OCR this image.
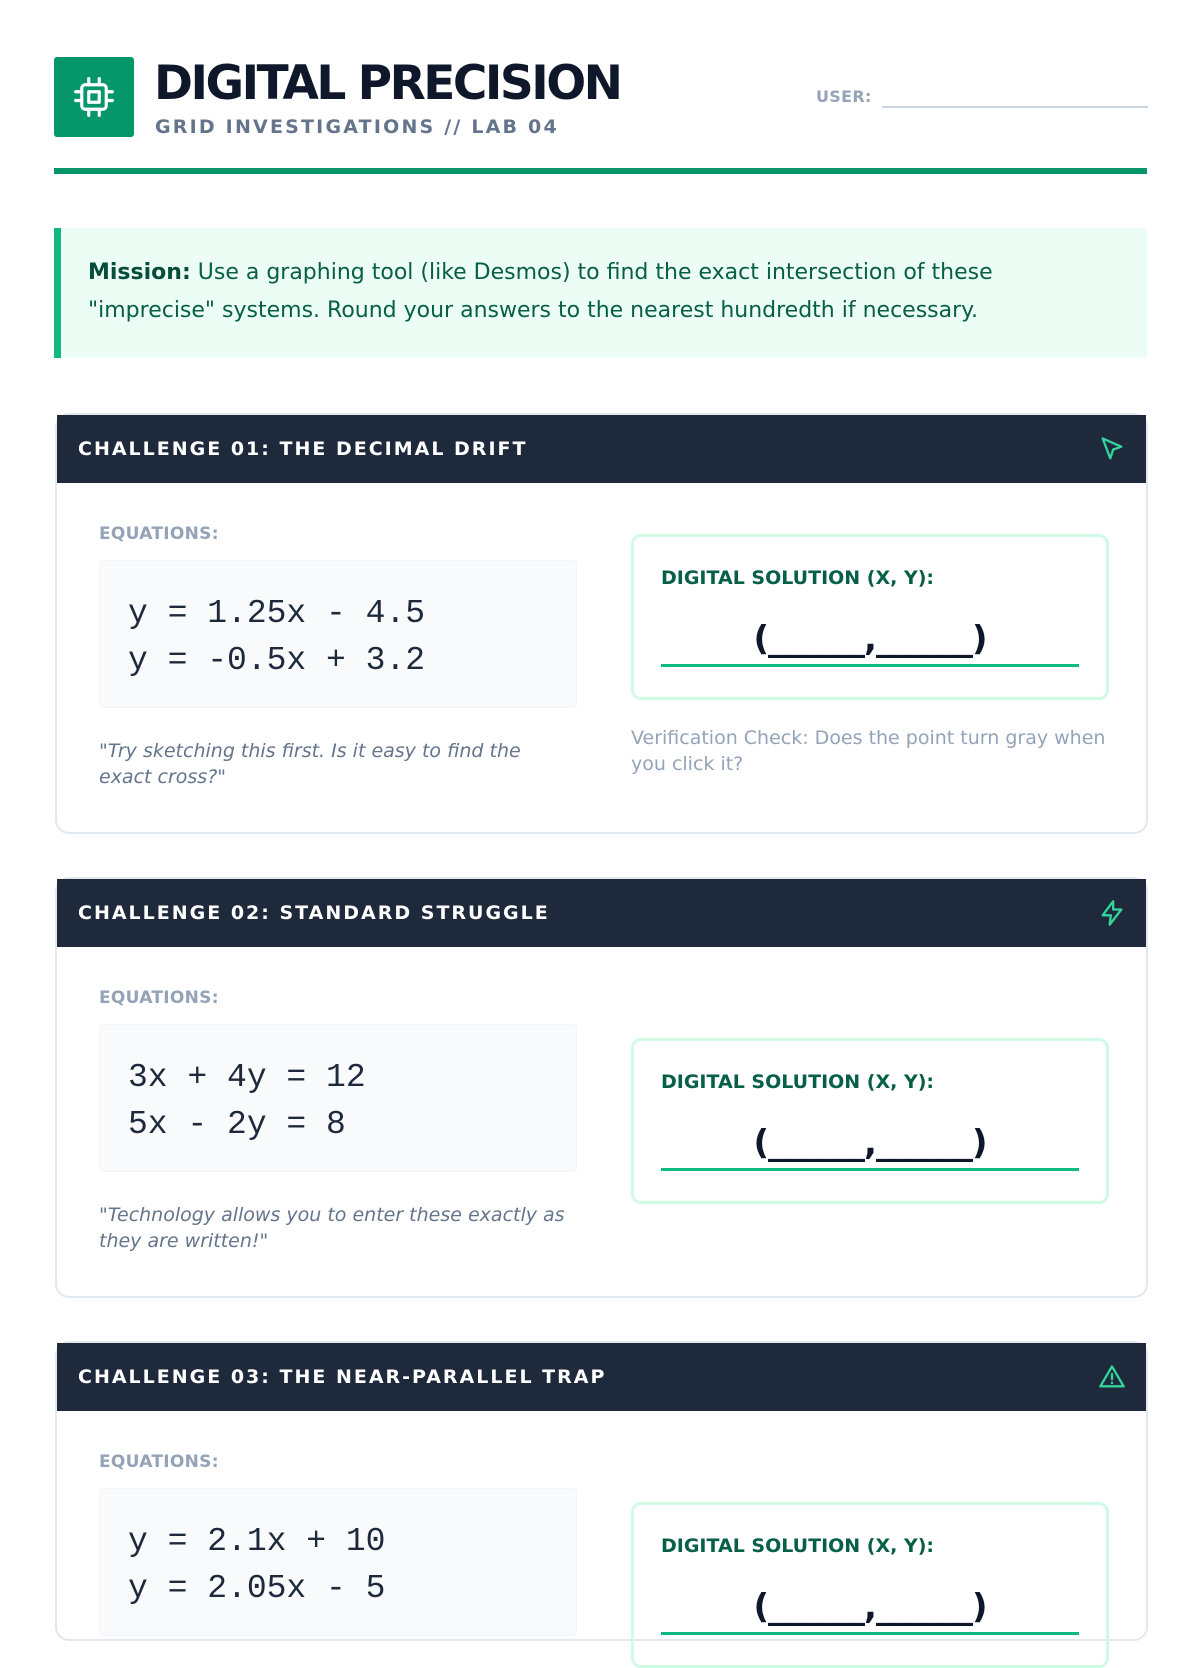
DIGITAL PRECISION
GRID INVESTIGATIONS // LAB 04
USER:
Mission: Use a graphing tool (like Desmos) to find the exact intersection of these "imprecise" systems. Round your answers to the nearest hundredth if necessary.
CHALLENGE 01: THE DECIMAL DRIFT
EQUATIONS:
y = 1.25x - 4.5
y = -0.5x + 3.2
"Try sketching this first. Is it easy to find the exact cross?"
DIGITAL SOLUTION (X, Y):
(______,______)
Verification Check: Does the point turn gray when you click it?
CHALLENGE 02: STANDARD STRUGGLE
EQUATIONS:
3x + 4y = 12
5x - 2y = 8
"Technology allows you to enter these exactly as they are written!"
DIGITAL SOLUTION (X, Y):
(______,______)
CHALLENGE 03: THE NEAR-PARALLEL TRAP
EQUATIONS:
y = 2.1x + 10
y = 2.05x - 5
DIGITAL SOLUTION (X, Y):
(______,______)
